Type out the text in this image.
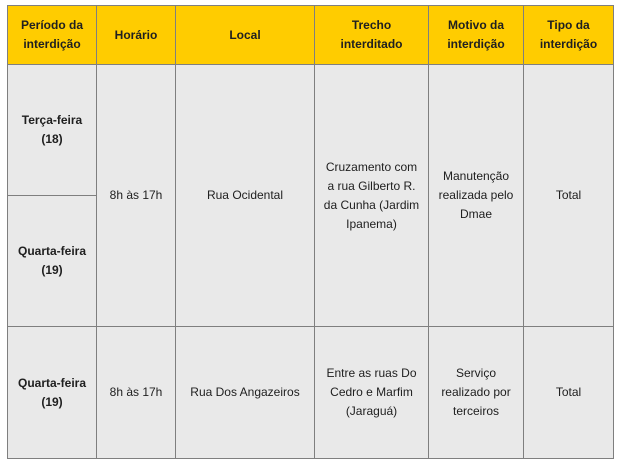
Período da interdição	Horário	Local	Trecho interditado	Motivo da interdição	Tipo da interdição
Terça-feira (18)	8h às 17h	Rua Ocidental	Cruzamento com a rua Gilberto R. da Cunha (Jardim Ipanema)	Manutenção realizada pelo Dmae	Total
Quarta-feira (19)					
Quarta-feira (19)	8h às 17h	Rua Dos Angazeiros	Entre as ruas Do Cedro e Marfim (Jaraguá)	Serviço realizado por terceiros	Total
